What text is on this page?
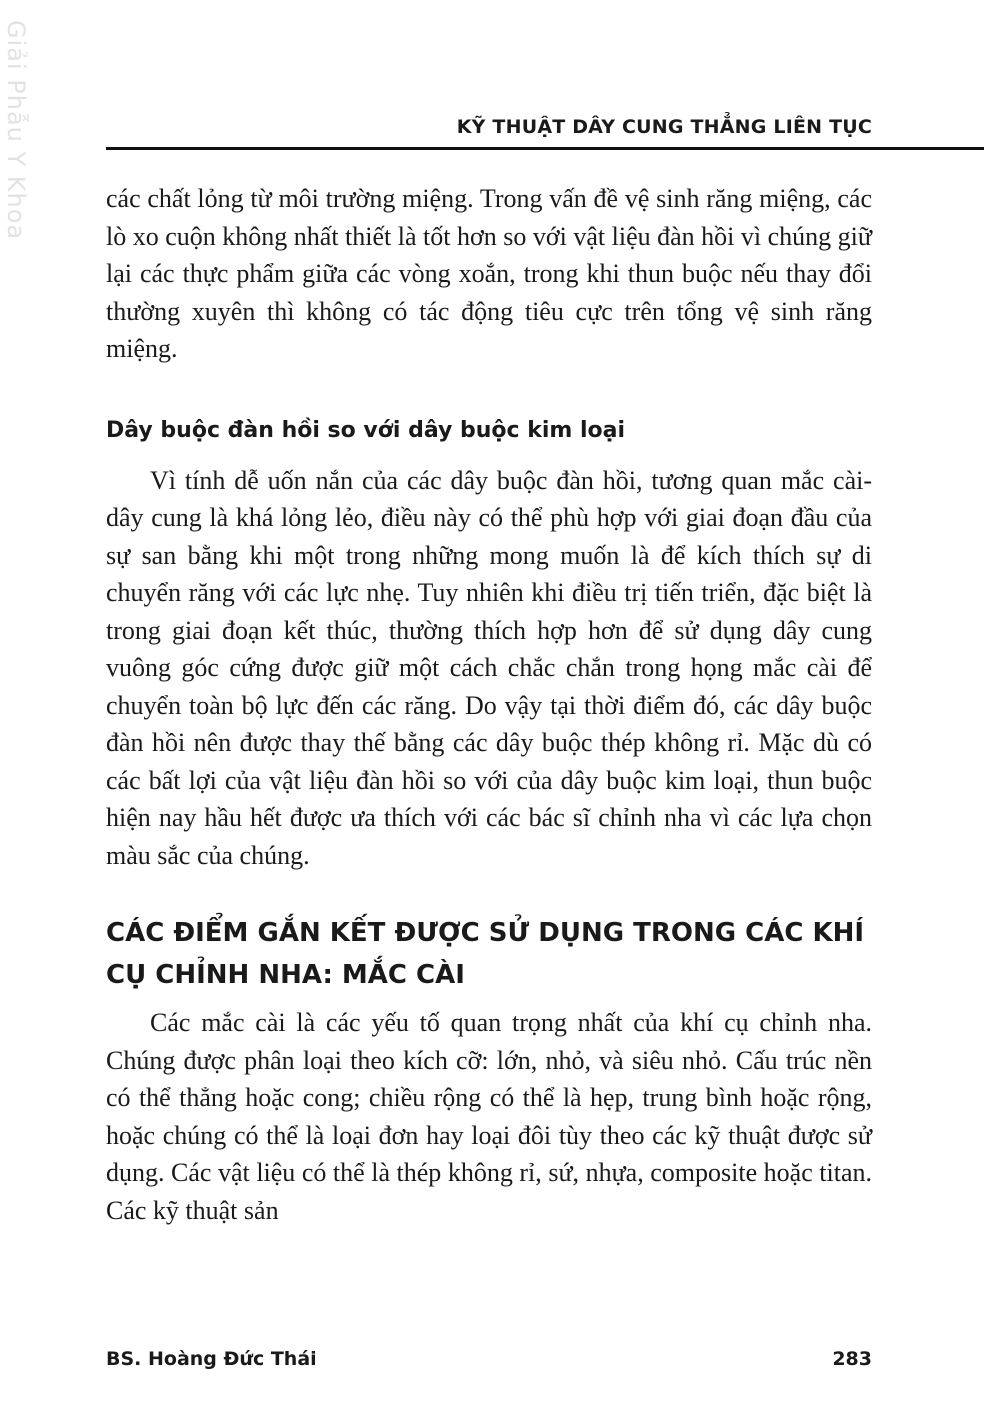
Giải Phẫu Y Khoa	KỸ THUẬT DÂY CUNG THẲNG LIÊN TỤC

các chất lỏng từ môi trường miệng. Trong vấn đề vệ sinh răng miệng, các lò xo cuộn không nhất thiết là tốt hơn so với vật liệu đàn hồi vì chúng giữ lại các thực phẩm giữa các vòng xoắn, trong khi thun buộc nếu thay đổi thường xuyên thì không có tác động tiêu cực trên tổng vệ sinh răng miệng.

Dây buộc đàn hồi so với dây buộc kim loại

Vì tính dễ uốn nắn của các dây buộc đàn hồi, tương quan mắc cài-dây cung là khá lỏng lẻo, điều này có thể phù hợp với giai đoạn đầu của sự san bằng khi một trong những mong muốn là để kích thích sự di chuyển răng với các lực nhẹ. Tuy nhiên khi điều trị tiến triển, đặc biệt là trong giai đoạn kết thúc, thường thích hợp hơn để sử dụng dây cung vuông góc cứng được giữ một cách chắc chắn trong họng mắc cài để chuyển toàn bộ lực đến các răng. Do vậy tại thời điểm đó, các dây buộc đàn hồi nên được thay thế bằng các dây buộc thép không rỉ. Mặc dù có các bất lợi của vật liệu đàn hồi so với của dây buộc kim loại, thun buộc hiện nay hầu hết được ưa thích với các bác sĩ chỉnh nha vì các lựa chọn màu sắc của chúng.

CÁC ĐIỂM GẮN KẾT ĐƯỢC SỬ DỤNG TRONG CÁC KHÍ CỤ CHỈNH NHA: MẮC CÀI

Các mắc cài là các yếu tố quan trọng nhất của khí cụ chỉnh nha. Chúng được phân loại theo kích cỡ: lớn, nhỏ, và siêu nhỏ. Cấu trúc nền có thể thẳng hoặc cong; chiều rộng có thể là hẹp, trung bình hoặc rộng, hoặc chúng có thể là loại đơn hay loại đôi tùy theo các kỹ thuật được sử dụng. Các vật liệu có thể là thép không rỉ, sứ, nhựa, composite hoặc titan. Các kỹ thuật sản

BS. Hoàng Đức Thái	283
